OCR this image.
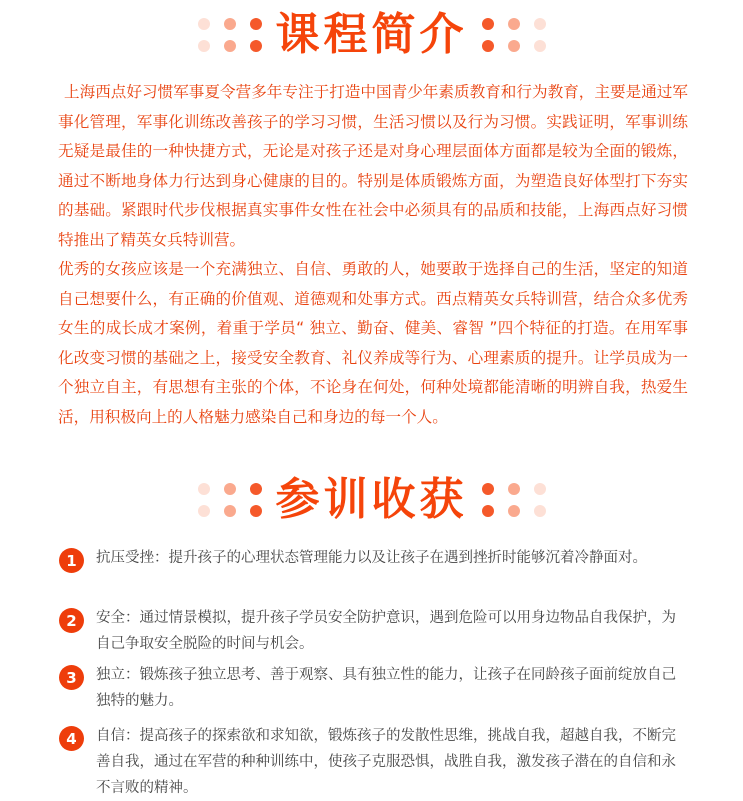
课程简介

上海西点好习惯军事夏令营多年专注于打造中国青少年素质教育和行为教育，主要是通过军事化管理，军事化训练改善孩子的学习习惯，生活习惯以及行为习惯。实践证明，军事训练无疑是最佳的一种快捷方式，无论是对孩子还是对身心理层面体方面都是较为全面的锻炼，通过不断地身体力行达到身心健康的目的。特别是体质锻炼方面，为塑造良好体型打下夯实的基础。紧跟时代步伐根据真实事件女性在社会中必须具有的品质和技能，上海西点好习惯特推出了精英女兵特训营。

优秀的女孩应该是一个充满独立、自信、勇敢的人，她要敢于选择自己的生活，坚定的知道自己想要什么，有正确的价值观、道德观和处事方式。西点精英女兵特训营，结合众多优秀女生的成长成才案例，着重于学员“ 独立、勤奋、健美、睿智 ”四个特征的打造。在用军事化改变习惯的基础之上，接受安全教育、礼仪养成等行为、心理素质的提升。让学员成为一个独立自主，有思想有主张的个体，不论身在何处，何种处境都能清晰的明辨自我，热爱生活，用积极向上的人格魅力感染自己和身边的每一个人。

参训收获
1	抗压受挫：提升孩子的心理状态管理能力以及让孩子在遇到挫折时能够沉着冷静面对。
2	安全：通过情景模拟，提升孩子学员安全防护意识，遇到危险可以用身边物品自我保护，为自己争取安全脱险的时间与机会。
3	独立：锻炼孩子独立思考、善于观察、具有独立性的能力，让孩子在同龄孩子面前绽放自己独特的魅力。
4	自信：提高孩子的探索欲和求知欲，锻炼孩子的发散性思维，挑战自我，超越自我，不断完善自我，通过在军营的种种训练中，使孩子克服恐惧，战胜自我，激发孩子潜在的自信和永不言败的精神。
